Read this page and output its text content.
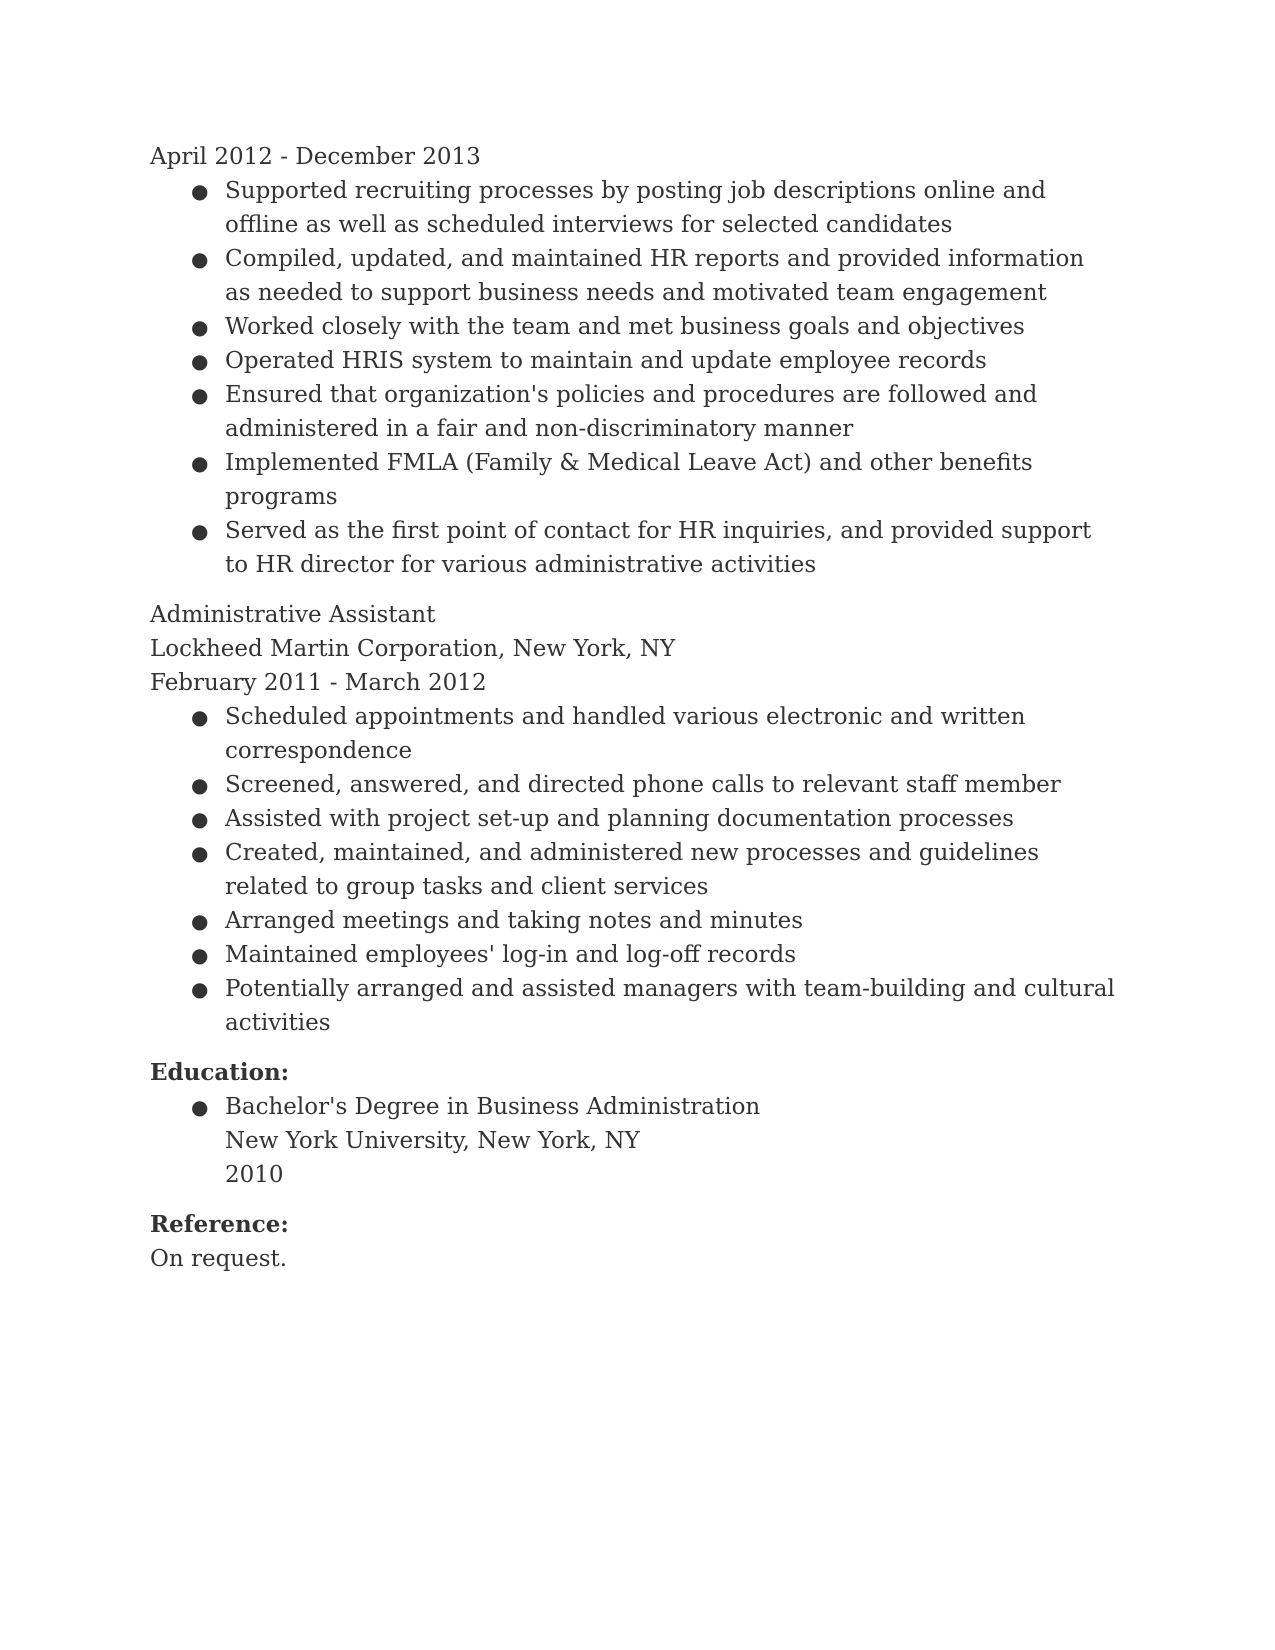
April 2012 - December 2013
● Supported recruiting processes by posting job descriptions online and offline as well as scheduled interviews for selected candidates
● Compiled, updated, and maintained HR reports and provided information as needed to support business needs and motivated team engagement
● Worked closely with the team and met business goals and objectives
● Operated HRIS system to maintain and update employee records
● Ensured that organization's policies and procedures are followed and administered in a fair and non-discriminatory manner
● Implemented FMLA (Family & Medical Leave Act) and other benefits programs
● Served as the first point of contact for HR inquiries, and provided support to HR director for various administrative activities
Administrative Assistant
Lockheed Martin Corporation, New York, NY
February 2011 - March 2012
● Scheduled appointments and handled various electronic and written correspondence
● Screened, answered, and directed phone calls to relevant staff member
● Assisted with project set-up and planning documentation processes
● Created, maintained, and administered new processes and guidelines related to group tasks and client services
● Arranged meetings and taking notes and minutes
● Maintained employees' log-in and log-off records
● Potentially arranged and assisted managers with team-building and cultural activities
Education:
● Bachelor's Degree in Business Administration
New York University, New York, NY
2010
Reference:
On request.
